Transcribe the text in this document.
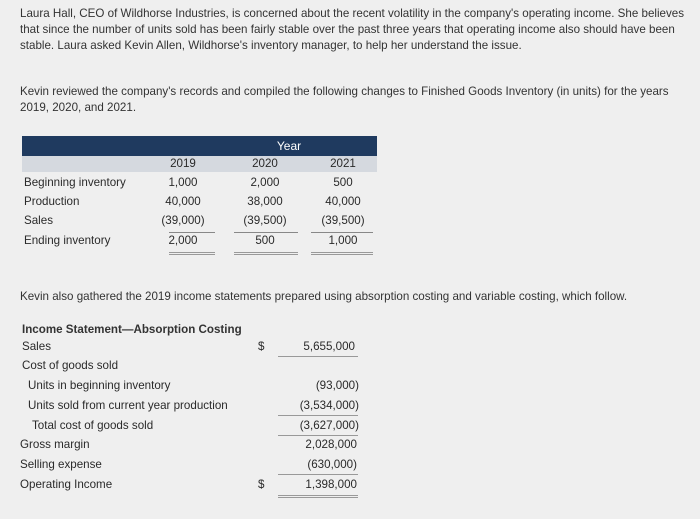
Laura Hall, CEO of Wildhorse Industries, is concerned about the recent volatility in the company's operating income. She believes that since the number of units sold has been fairly stable over the past three years that operating income also should have been stable. Laura asked Kevin Allen, Wildhorse's inventory manager, to help her understand the issue.
Kevin reviewed the company's records and compiled the following changes to Finished Goods Inventory (in units) for the years 2019, 2020, and 2021.
Year
2019	2020	2021
Beginning inventory	1,000	2,000	500
Production	40,000	38,000	40,000
Sales	(39,000)	(39,500)	(39,500)
Ending inventory	2,000	500	1,000
Kevin also gathered the 2019 income statements prepared using absorption costing and variable costing, which follow.
Income Statement—Absorption Costing
Sales	$	5,655,000
Cost of goods sold
Units in beginning inventory	(93,000)
Units sold from current year production	(3,534,000)
Total cost of goods sold	(3,627,000)
Gross margin	2,028,000
Selling expense	(630,000)
Operating Income	$	1,398,000
